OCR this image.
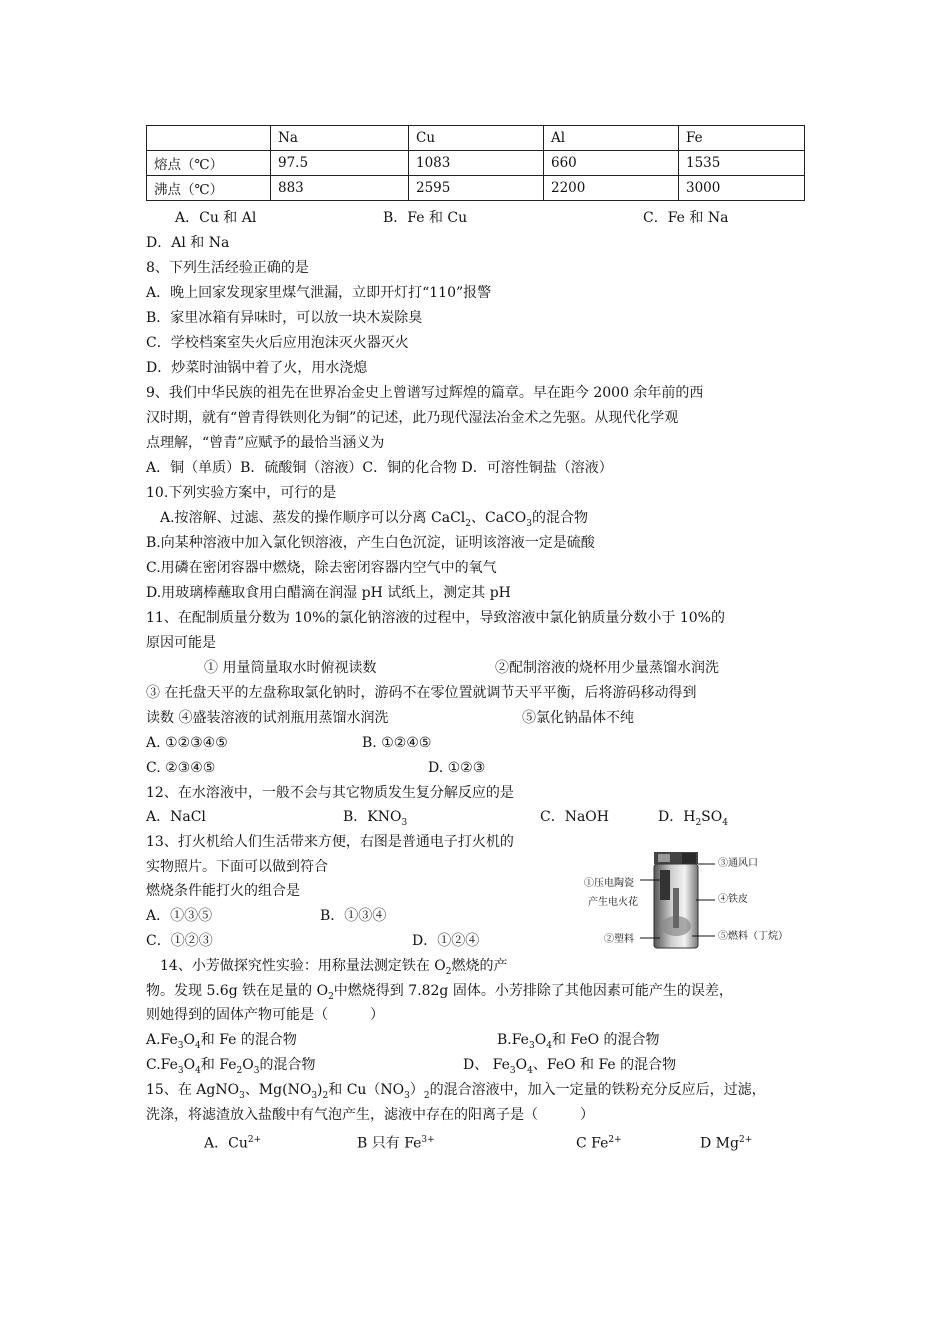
	Na	Cu	Al	Fe
熔点（℃）	97.5	1083	660	1535
沸点（℃）	883	2595	2200	3000
A．Cu 和 Al	B．Fe 和 Cu	C．Fe 和 Na
D．Al 和 Na
8、下列生活经验正确的是
A．晚上回家发现家里煤气泄漏，立即开灯打“110”报警
B．家里冰箱有异味时，可以放一块木炭除臭
C．学校档案室失火后应用泡沫灭火器灭火
D．炒菜时油锅中着了火，用水浇熄
9、我们中华民族的祖先在世界冶金史上曾谱写过辉煌的篇章。早在距今 2000 余年前的西
汉时期，就有“曾青得铁则化为铜”的记述，此乃现代湿法冶金术之先驱。从现代化学观
点理解，“曾青”应赋予的最恰当涵义为
A．铜（单质）B．硫酸铜（溶液）C．铜的化合物 D．可溶性铜盐（溶液）
10.下列实验方案中，可行的是
A.按溶解、过滤、蒸发的操作顺序可以分离 CaCl$_2$、CaCO$_3$的混合物
B.向某种溶液中加入氯化钡溶液，产生白色沉淀，证明该溶液一定是硫酸
C.用磷在密闭容器中燃烧，除去密闭容器内空气中的氧气
D.用玻璃棒蘸取食用白醋滴在润湿 pH 试纸上，测定其 pH
11、在配制质量分数为 10%的氯化钠溶液的过程中，导致溶液中氯化钠质量分数小于 10%的
原因可能是
① 用量筒量取水时俯视读数	②配制溶液的烧杯用少量蒸馏水润洗
③ 在托盘天平的左盘称取氯化钠时，游码不在零位置就调节天平平衡，后将游码移动得到
读数 ④盛装溶液的试剂瓶用蒸馏水润洗	⑤氯化钠晶体不纯
A. ①②③④⑤	B. ①②④⑤
C. ②③④⑤	D. ①②③
12、在水溶液中，一般不会与其它物质发生复分解反应的是
A．NaCl	B．$KNO_3$	C．NaOH	D．$H_2SO_4$
13、打火机给人们生活带来方便，右图是普通电子打火机的
实物照片。下面可以做到符合
燃烧条件能打火的组合是
A．①③⑤	B．①③④
C．①②③	D．①②④
①压电陶瓷
产生电火花
②塑料
③通风口
④铁皮
⑤燃料（丁烷）
14、小芳做探究性实验：用称量法测定铁在 $O_2$燃烧的产
物。发现 5.6g 铁在足量的 $O_2$中燃烧得到 7.82g 固体。小芳排除了其他因素可能产生的误差，
则她得到的固体产物可能是（　　　）
$A.Fe_3O_4$和 Fe 的混合物	$B.Fe_3O_4$和 FeO 的混合物
$C.Fe_3O_4$和 $Fe_2O_3$的混合物	D、 $Fe_3O_4$、FeO 和 Fe 的混合物
15、在 AgNO$_3$、$Mg(NO_3)_2$和 $Cu(NO_3)_2$的混合溶液中，加入一定量的铁粉充分反应后，过滤，
洗涤，将滤渣放入盐酸中有气泡产生，滤液中存在的阳离子是（　　　）
A．$Cu^{2+}$	B 只有 $Fe^{3+}$	C $Fe^{2+}$	D $Mg^{2+}$
